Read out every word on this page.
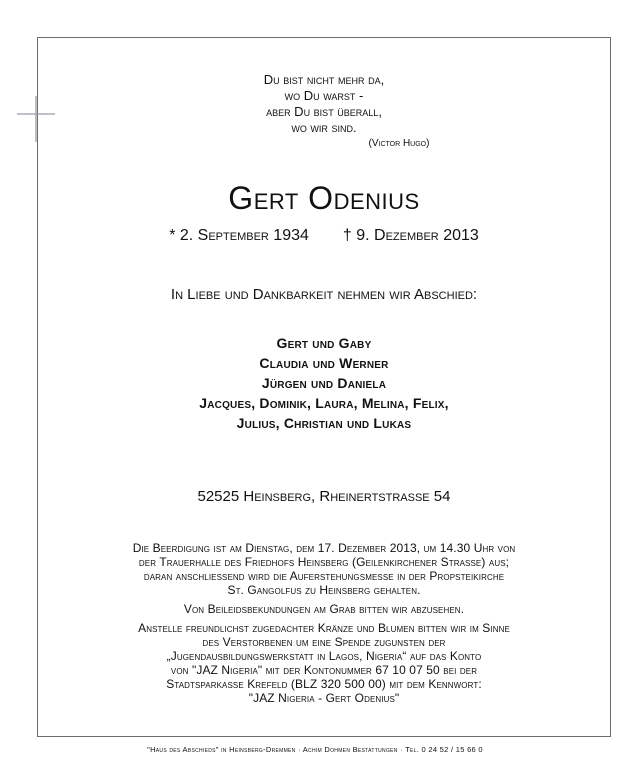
Du bist nicht mehr da,
wo Du warst -
aber Du bist überall,
wo wir sind.
(Victor Hugo)
Gert Odenius
* 2. September 1934 † 9. Dezember 2013
In Liebe und Dankbarkeit nehmen wir Abschied:
Gert und Gaby
Claudia und Werner
Jürgen und Daniela
Jacques, Dominik, Laura, Melina, Felix,
Julius, Christian und Lukas
52525 Heinsberg, Rheinertstrasse 54

Die Beerdigung ist am Dienstag, dem 17. Dezember 2013, um 14.30 Uhr von

der Trauerhalle des Friedhofs Heinsberg (Geilenkirchener Strasse) aus;

daran anschliessend wird die Auferstehungsmesse in der Propsteikirche

St. Gangolfus zu Heinsberg gehalten.

Von Beileidsbekundungen am Grab bitten wir abzusehen.

Anstelle freundlichst zugedachter Kränze und Blumen bitten wir im Sinne

des Verstorbenen um eine Spende zugunsten der

„Jugendausbildungswerkstatt in Lagos, Nigeria“ auf das Konto

von "JAZ Nigeria" mit der Kontonummer 67 10 07 50 bei der

Stadtsparkasse Krefeld (BLZ 320 500 00) mit dem Kennwort:

"JAZ Nigeria - Gert Odenius"

"Haus des Abschieds" in Heinsberg-Dremmen · Achim Dohmen Bestattungen · Tel. 0 24 52 / 15 66 0
